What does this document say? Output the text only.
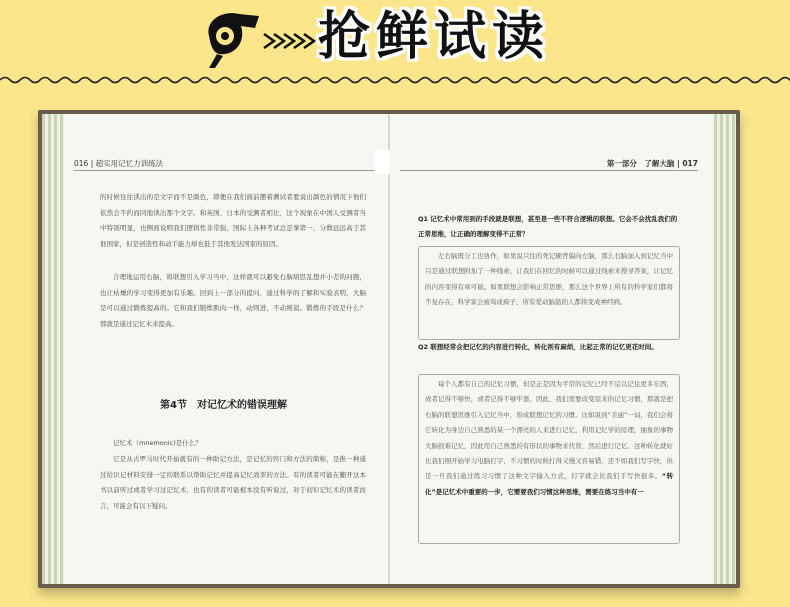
抢鲜试读
016 | 超实用记忆力训练法
的时候往往读出的是文字而不是颜色，即便在我们面前摆着测试者要说出颜色的情况下他们依然会不约而同地读出那个文字。和英国、日本的受测者相比，这个现象在中国人受测者当中特别明显，也侧面说明我们逻辑性非常强、国际上各种考试总是拿第一、分数远远高于其他国家，但是创造性和动手能力却也低于其他发达国家的原因。
合理地运用右脑，将联想引入学习当中，这样就可以避免右脑胡思乱想并小差的问题，也让枯燥的学习变得更加有乐趣。回到上一部分的提问，通过科学的了解和实验表明，大脑是可以通过锻炼提高的。它和我们锻炼肌肉一样，动则进，不动则退。锻炼的手段是什么？那就是通过记忆术来提高。
第4节　对记忆术的错误理解
记忆术（mnemonic)是什么？
它是从古罗马时代开始就有的一种助记方法，是记忆的窍门和方法的简称，是推一种通过给识记材料安排一定的联系以帮助记忆并提高记忆效率的方法。有的读者可能在翻开这本书以前听过或者学习过记忆术，也有的读者可能根本没有听说过，对于初识记忆术的读者而言，可能会有以下疑问。
第一部分　了解大脑 | 017
Q1 记忆术中常用到的手段就是联想，甚至是一些不符合逻辑的联想。它会不会扰乱我们的正常思维，让正确的理解变得不正常？
左右脑既分工也协作，如果说只往的死记硬背偏向左脑，那么右脑加入到记忆当中只是通过联想附加了一种线索，让我们在回忆的时候可以通过线索来搜寻答案，让记忆的内容变得有章可循。如果联想会影响正常思维，那么这个世界上所有的科学家们都将不复存在，科学家会被骂成疯子，所有爱动脑筋的人都将变成神经病。
Q2 联想经常会把记忆的内容进行转化，转化则有麻烦，比起正常的记忆更花时间。
每个人都有自己的记忆习惯，但是正是因为平常的记忆已经不足以记住更多东西，或者记得不够快，或者记得不够牢靠，因此，我们需要改变原来的记忆习惯，那就是把右脑的联想思维引入记忆当中，形成联想记忆的习惯。比如说到“美丽”一词，我们会将它转化为身边自己熟悉的某一个漂亮的人来进行记忆，利用记忆学的原理，抽象的事物大脑很难记忆，因此用自己熟悉的有形状的事物来代替，然后进行记忆。这种转化就好比我们刚开始学习电脑打字，不习惯的时候打得又慢又容易错，还不如我们写字快，但是一旦我们通过练习习惯了这种文字输入方式，打字就会比我们手写快很多。“转化”是记忆术中重要的一步，它需要我们习惯这种思维，需要在练习当中有一
